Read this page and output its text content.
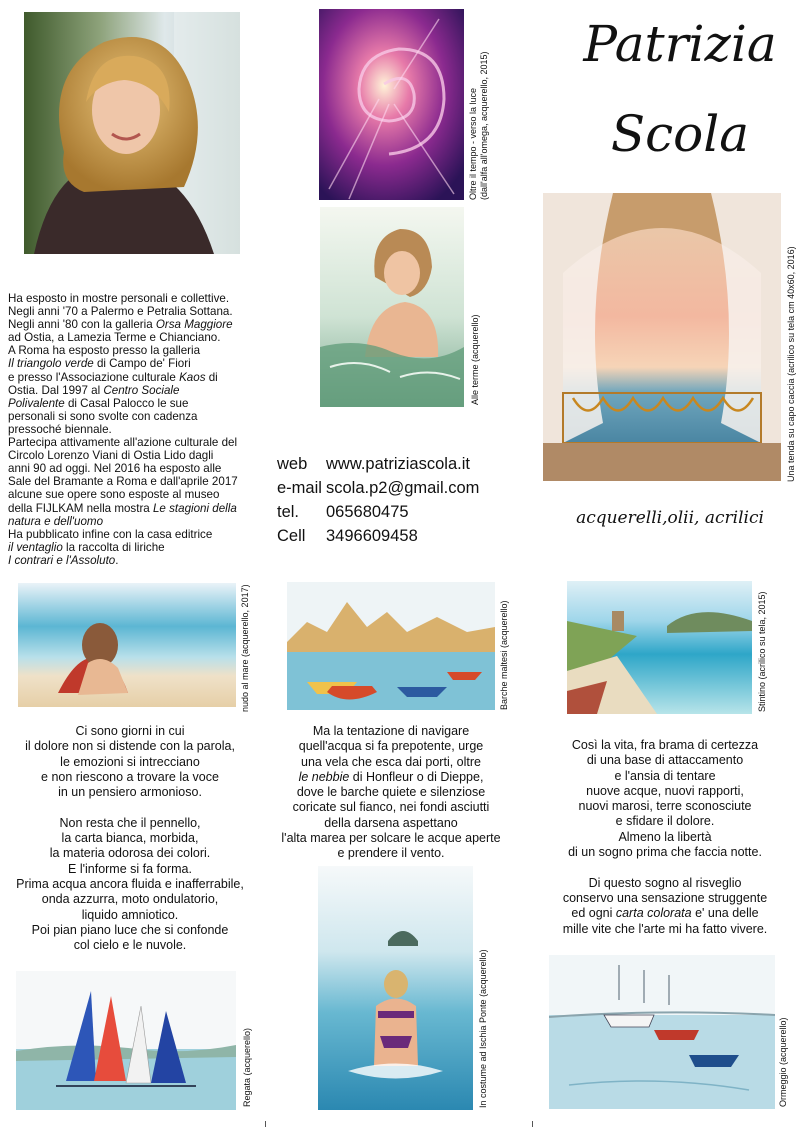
Ha esposto in mostre personali e collettive.
Negli anni '70 a Palermo e Petralia Sottana.
Negli anni '80 con la galleria Orsa Maggiore
ad Ostia, a Lamezia Terme e Chianciano.
A Roma ha esposto presso la galleria
Il triangolo verde di Campo de' Fiori
e presso l'Associazione culturale Kaos di
Ostia. Dal 1997 al Centro Sociale
Polivalente di Casal Palocco le sue
personali si sono svolte con cadenza
pressoché biennale.
Partecipa attivamente all'azione culturale del
Circolo Lorenzo Viani di Ostia Lido dagli
anni 90 ad oggi. Nel 2016 ha esposto alle
Sale del Bramante a Roma e dall'aprile 2017
alcune sue opere sono esposte al museo
della FIJLKAM nella mostra Le stagioni della
natura e dell'uomo
Ha pubblicato infine con la casa editrice
il ventaglio la raccolta di liriche
I contrari e l'Assoluto.
Oltre il tempo - verso la luce (dall'alfa all'omega, acquerello, 2015)
Alle terme (acquerello)
web	www.patriziascola.it
e-mail scola.p2@gmail.com
tel.	065680475
Cell	3496609458
Patrizia
Scola
Una tenda su capo caccia (acrilico su tela cm 40x60, 2016)
acquerelli,olii, acrilici
nudo al mare (acquerello, 2017)
Ci sono giorni in cui
il dolore non si distende con la parola,
le emozioni si intrecciano
e non riescono a trovare la voce
in un pensiero armonioso.
Non resta che il pennello,
la carta bianca, morbida,
la materia odorosa dei colori.
E l'informe si fa forma.
Prima acqua ancora fluida e inafferrabile,
onda azzurra, moto ondulatorio,
liquido amniotico.
Poi pian piano luce che si confonde
col cielo e le nuvole.
Regata (acquerello)
Barche maltesi (acquerello)
Ma la tentazione di navigare
quell'acqua si fa prepotente, urge
una vela che esca dai porti, oltre
le nebbie di Honfleur o di Dieppe,
dove le barche quiete e silenziose
coricate sul fianco, nei fondi asciutti
della darsena aspettano
l'alta marea per solcare le acque aperte
e prendere il vento.
In costume ad Ischia Ponte (acquerello)
Stintino (acrilico su tela, 2015)
Così la vita, fra brama di certezza
di una base di attaccamento
e l'ansia di tentare
nuove acque, nuovi rapporti,
nuovi marosi, terre sconosciute
e sfidare il dolore.
Almeno la libertà
di un sogno prima che faccia notte.
Di questo sogno al risveglio
conservo una sensazione struggente
ed ogni carta colorata e' una delle
mille vite che l'arte mi ha fatto vivere.
Ormeggio (acquerello)
